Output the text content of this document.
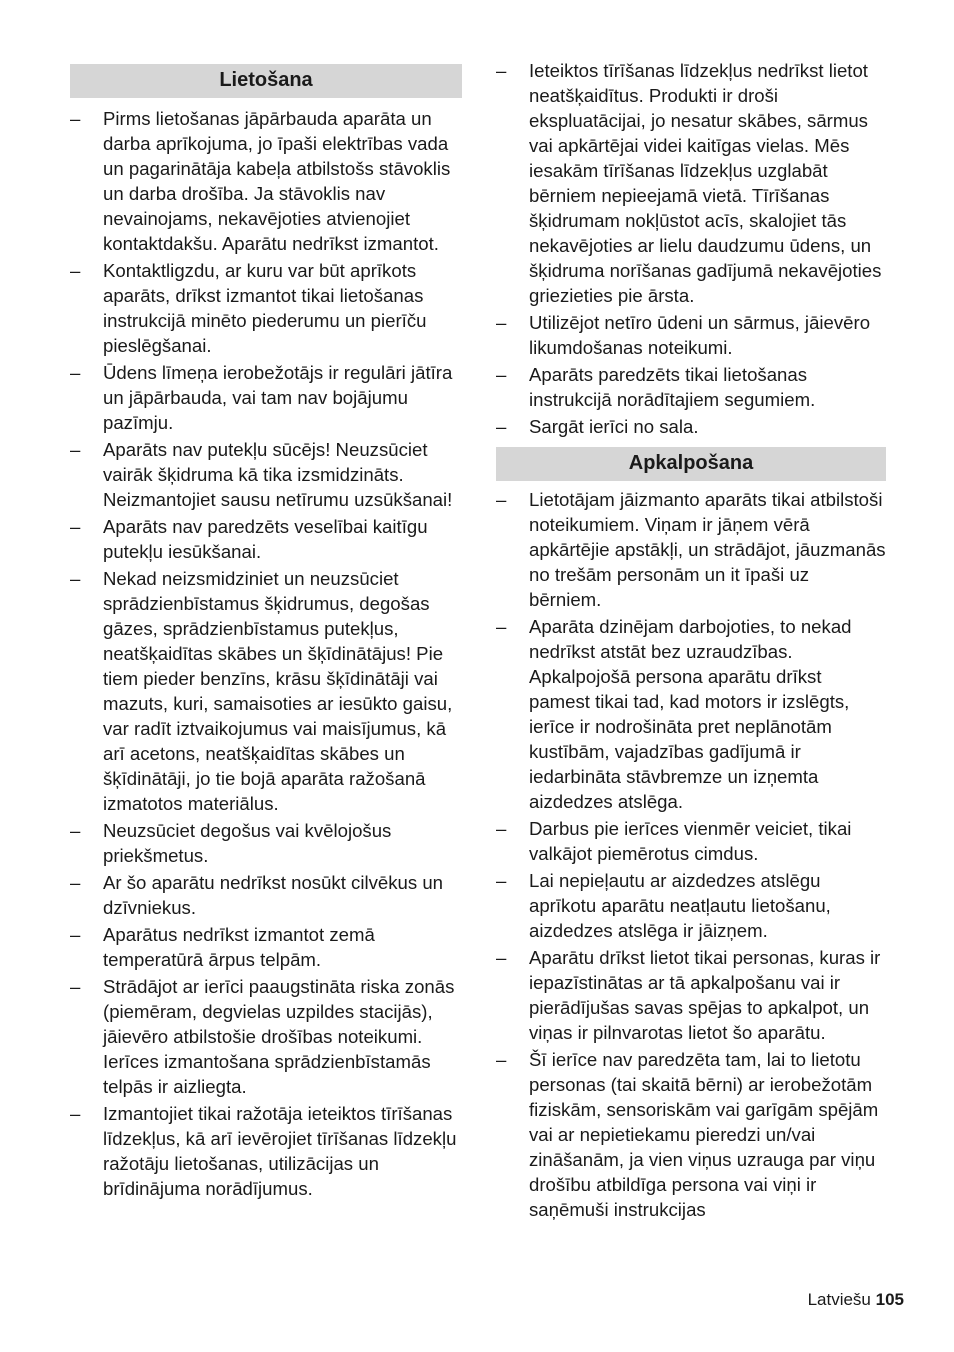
Lietošana
– Pirms lietošanas jāpārbauda aparāta un darba aprīkojuma, jo īpaši elektrības vada un pagarinātāja kabeļa atbilstošs stāvoklis un darba drošība. Ja stāvoklis nav nevainojams, nekavējoties atvienojiet kontaktdakšu. Aparātu nedrīkst izmantot.
– Kontaktligzdu, ar kuru var būt aprīkots aparāts, drīkst izmantot tikai lietošanas instrukcijā minēto piederumu un pierīču pieslēgšanai.
– Ūdens līmeņa ierobežotājs ir regulāri jātīra un jāpārbauda, vai tam nav bojājumu pazīmju.
– Aparāts nav putekļu sūcējs! Neuzsūciet vairāk šķidruma kā tika izsmidzināts. Neizmantojiet sausu netīrumu uzsūkšanai!
– Aparāts nav paredzēts veselībai kaitīgu putekļu iesūkšanai.
– Nekad neizsmidziniet un neuzsūciet sprādzienbīstamus šķidrumus, degošas gāzes, sprādzienbīstamus putekļus, neatšķaidītas skābes un šķīdinātājus! Pie tiem pieder benzīns, krāsu šķīdinātāji vai mazuts, kuri, samaisoties ar iesūkto gaisu, var radīt iztvaikojumus vai maisījumus, kā arī acetons, neatšķaidītas skābes un šķīdinātāji, jo tie bojā aparāta ražošanā izmatotos materiālus.
– Neuzsūciet degošus vai kvēlojošus priekšmetus.
– Ar šo aparātu nedrīkst nosūkt cilvēkus un dzīvniekus.
– Aparātus nedrīkst izmantot zemā temperatūrā ārpus telpām.
– Strādājot ar ierīci paaugstināta riska zonās (piemēram, degvielas uzpildes stacijās), jāievēro atbilstošie drošības noteikumi. Ierīces izmantošana sprādzienbīstamās telpās ir aizliegta.
– Izmantojiet tikai ražotāja ieteiktos tīrīšanas līdzekļus, kā arī ievērojiet tīrīšanas līdzekļu ražotāju lietošanas, utilizācijas un brīdinājuma norādījumus.
– Ieteiktos tīrīšanas līdzekļus nedrīkst lietot neatšķaidītus. Produkti ir droši ekspluatācijai, jo nesatur skābes, sārmus vai apkārtējai videi kaitīgas vielas. Mēs iesakām tīrīšanas līdzekļus uzglabāt bērniem nepieejamā vietā. Tīrīšanas šķidrumam nokļūstot acīs, skalojiet tās nekavējoties ar lielu daudzumu ūdens, un šķidruma norīšanas gadījumā nekavējoties griezieties pie ārsta.
– Utilizējot netīro ūdeni un sārmus, jāievēro likumdošanas noteikumi.
– Aparāts paredzēts tikai lietošanas instrukcijā norādītajiem segumiem.
– Sargāt ierīci no sala.
Apkalpošana
– Lietotājam jāizmanto aparāts tikai atbilstoši noteikumiem. Viņam ir jāņem vērā apkārtējie apstākļi, un strādājot, jāuzmanās no trešām personām un it īpaši uz bērniem.
– Aparāta dzinējam darbojoties, to nekad nedrīkst atstāt bez uzraudzības. Apkalpojošā persona aparātu drīkst pamest tikai tad, kad motors ir izslēgts, ierīce ir nodrošināta pret neplānotām kustībām, vajadzības gadījumā ir iedarbināta stāvbremze un izņemta aizdedzes atslēga.
– Darbus pie ierīces vienmēr veiciet, tikai valkājot piemērotus cimdus.
– Lai nepieļautu ar aizdedzes atslēgu aprīkotu aparātu neatļautu lietošanu, aizdedzes atslēga ir jāizņem.
– Aparātu drīkst lietot tikai personas, kuras ir iepazīstinātas ar tā apkalpošanu vai ir pierādījušas savas spējas to apkalpot, un viņas ir pilnvarotas lietot šo aparātu.
– Šī ierīce nav paredzēta tam, lai to lietotu personas (tai skaitā bērni) ar ierobežotām fiziskām, sensoriskām vai garīgām spējām vai ar nepietiekamu pieredzi un/vai zināšanām, ja vien viņus uzrauga par viņu drošību atbildīga persona vai viņi ir saņēmuši instrukcijas
Latviešu 105
